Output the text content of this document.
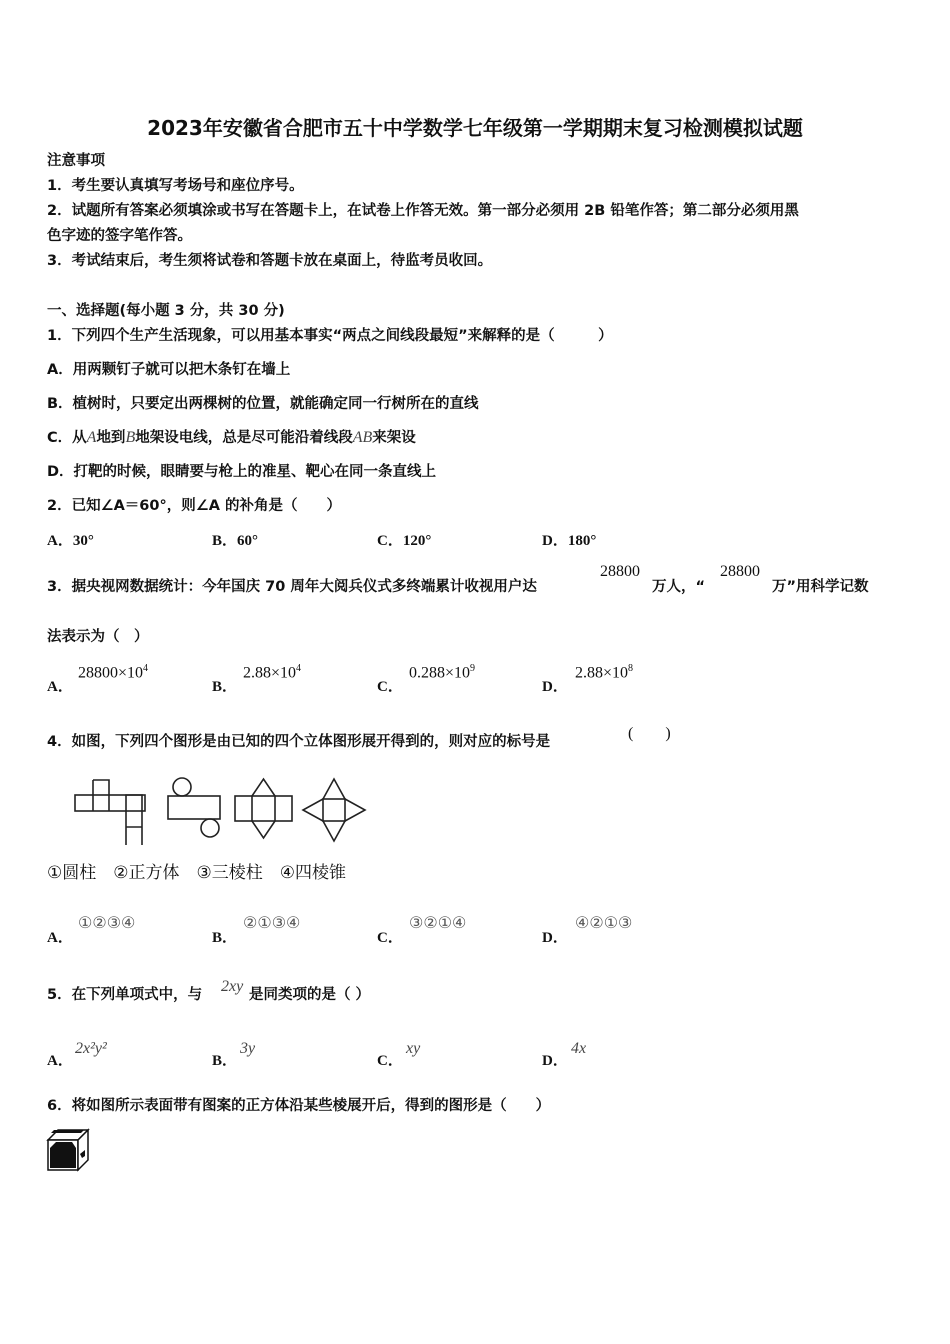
2023年安徽省合肥市五十中学数学七年级第一学期期末复习检测模拟试题
注意事项
1．考生要认真填写考场号和座位序号。
2．试题所有答案必须填涂或书写在答题卡上，在试卷上作答无效。第一部分必须用 2B 铅笔作答；第二部分必须用黑
色字迹的签字笔作答。
3．考试结束后，考生须将试卷和答题卡放在桌面上，待监考员收回。
一、选择题(每小题 3 分，共 30 分)
1．下列四个生产生活现象，可以用基本事实“两点之间线段最短”来解释的是（　　　）
A．用两颗钉子就可以把木条钉在墙上
B．植树时，只要定出两棵树的位置，就能确定同一行树所在的直线
C．从A地到B地架设电线，总是尽可能沿着线段AB来架设
D．打靶的时候，眼睛要与枪上的准星、靶心在同一条直线上
2．已知∠A＝60°，则∠A 的补角是（　　）
A．30°	B．60°	C．120°	D．180°
3．据央视网数据统计：今年国庆 70 周年大阅兵仪式多终端累计收视用户达
28800
万人，“
28800
万”用科学记数
法表示为（　）
A．	B．	C．	D．
$28800\times 10^4$	$2.88\times 10^4$	$0.288\times 10^9$	$2.88\times 10^8$
4．如图，下列四个图形是由已知的四个立体图形展开得到的，则对应的标号是	(　　)
①圆柱　②正方体　③三棱柱　④四棱锥
A．	B．	C．	D．
①②③④	②①③④	③②①④	④②①③
5．在下列单项式中，与 2xy 是同类项的是（ ）
A．	B．	C．	D．
2x²y²	3y	xy	4x
6．将如图所示表面带有图案的正方体沿某些棱展开后，得到的图形是（　　）
